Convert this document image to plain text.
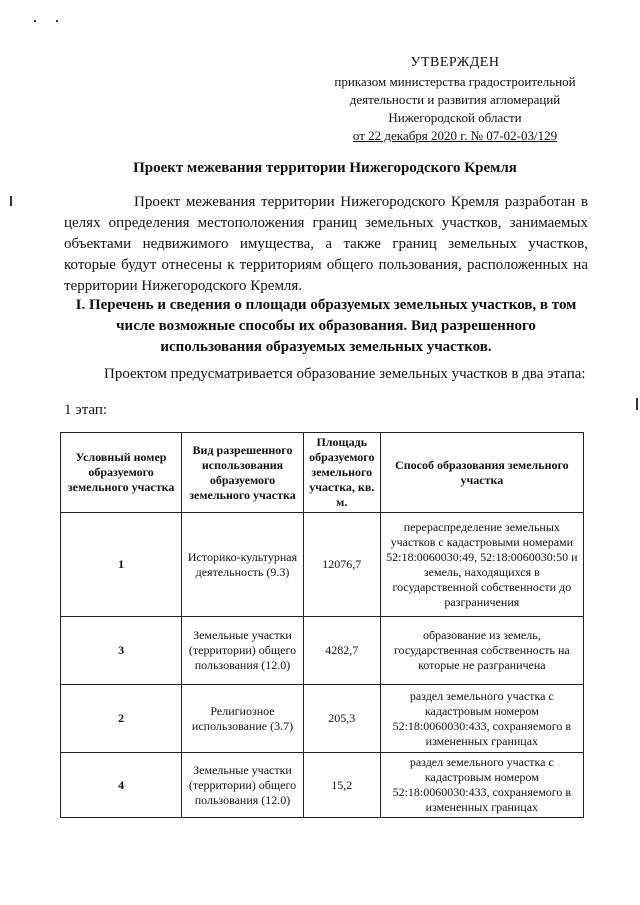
УТВЕРЖДЕН
приказом министерства градостроительной
деятельности и развития агломераций
Нижегородской области
от 22 декабря 2020 г. № 07-02-03/129
Проект межевания территории Нижегородского Кремля

Проект межевания территории Нижегородского Кремля разработан в целях определения местоположения границ земельных участков, занимаемых объектами недвижимого имущества, а также границ земельных участков, которые будут отнесены к территориям общего пользования, расположенных на территории Нижегородского Кремля.

I. Перечень и сведения о площади образуемых земельных участков, в том числе возможные способы их образования. Вид разрешенного использования образуемых земельных участков.
Проектом предусматривается образование земельных участков в два этапа:
1 этап:
Условный номер образуемого земельного участка	Вид разрешенного использования образуемого земельного участка	Площадь образуемого земельного участка, кв. м.	Способ образования земельного участка
1	Историко-культурная деятельность (9.3)	12076,7	перераспределение земельных участков с кадастровыми номерами 52:18:0060030:49, 52:18:0060030:50 и земель, находящихся в государственной собственности до разграничения
3	Земельные участки (территории) общего пользования (12.0)	4282,7	образование из земель, государственная собственность на которые не разграничена
2	Религиозное использование (3.7)	205,3	раздел земельного участка с кадастровым номером 52:18:0060030:433, сохраняемого в измененных границах
4	Земельные участки (территории) общего пользования (12.0)	15,2	раздел земельного участка с кадастровым номером 52:18:0060030:433, сохраняемого в измененных границах
